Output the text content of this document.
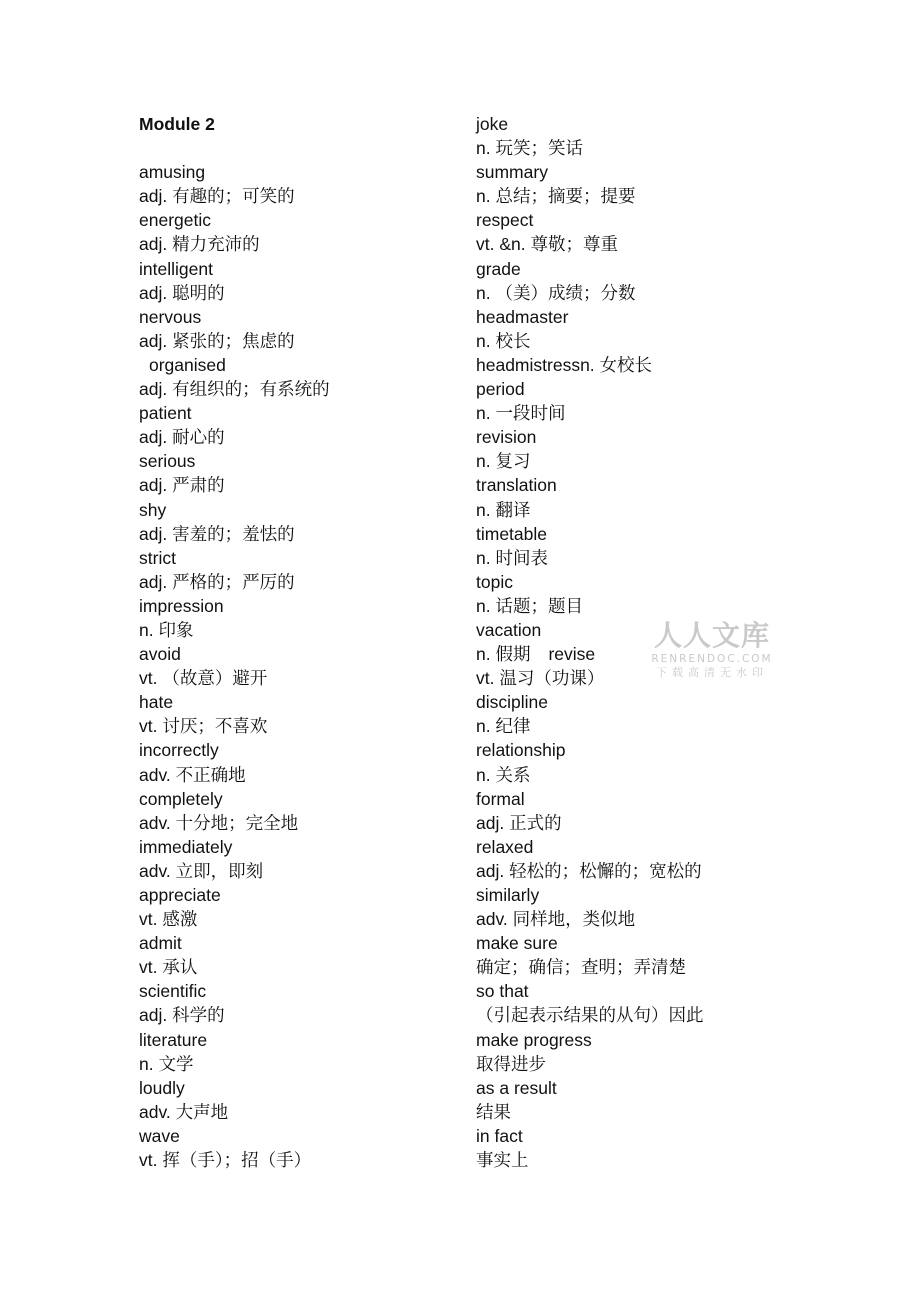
Module 2
amusing
adj. 有趣的；可笑的
energetic
adj. 精力充沛的
intelligent
adj. 聪明的
nervous
adj. 紧张的；焦虑的
organised
adj. 有组织的；有系统的
patient
adj. 耐心的
serious
adj. 严肃的
shy
adj. 害羞的；羞怯的
strict
adj. 严格的；严厉的
impression
n. 印象
avoid
vt. （故意）避开
hate
vt. 讨厌；不喜欢
incorrectly
adv. 不正确地
completely
adv. 十分地；完全地
immediately
adv. 立即，即刻
appreciate
vt. 感激
admit
vt. 承认
scientific
adj. 科学的
literature
n. 文学
loudly
adv. 大声地
wave
vt. 挥（手）；招（手）
joke
n. 玩笑；笑话
summary
n. 总结；摘要；提要
respect
vt. &n. 尊敬；尊重
grade
n. （美）成绩；分数
headmaster
n. 校长
headmistressn. 女校长
period
n. 一段时间
revision
n. 复习
translation
n. 翻译
timetable
n. 时间表
topic
n. 话题；题目
vacation
n. 假期 revise
vt. 温习（功课）
discipline
n. 纪律
relationship
n. 关系
formal
adj. 正式的
relaxed
adj. 轻松的；松懈的；宽松的
similarly
adv. 同样地，类似地
make sure
确定；确信；查明；弄清楚
so that
（引起表示结果的从句）因此
make progress
取得进步
as a result
结果
in fact
事实上
人人文库
RENRENDOC.COM
下载高清无水印
